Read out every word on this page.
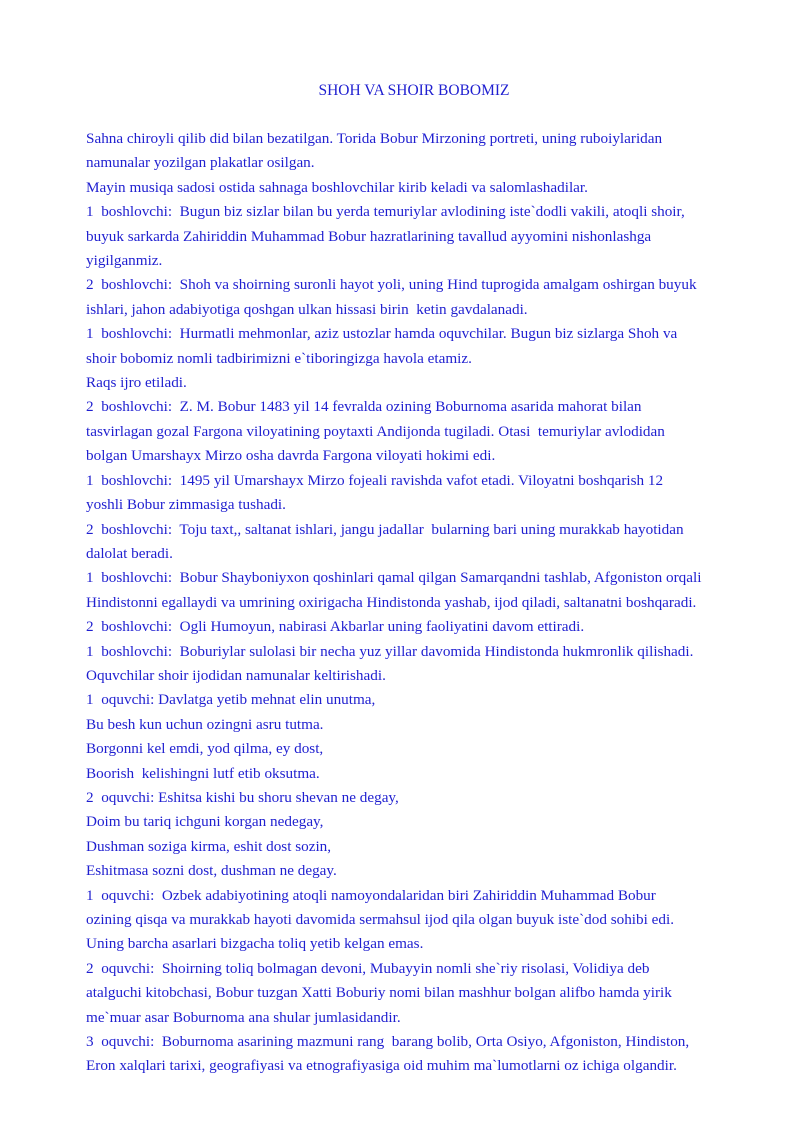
SHOH VA SHOIR BOBOMIZ

Sahna chiroyli qilib did bilan bezatilgan. Torida Bobur Mirzoning portreti, uning ruboiylaridan

namunalar yozilgan plakatlar osilgan.

Mayin musiqa sadosi ostida sahnaga boshlovchilar kirib keladi va salomlashadilar.

1  boshlovchi:  Bugun biz sizlar bilan bu yerda temuriylar avlodining iste`dodli vakili, atoqli shoir,

buyuk sarkarda Zahiriddin Muhammad Bobur hazratlarining tavallud ayyomini nishonlashga

yigilganmiz.

2  boshlovchi:  Shoh va shoirning suronli hayot yoli, uning Hind tuprogida amalgam oshirgan buyuk

ishlari, jahon adabiyotiga qoshgan ulkan hissasi birin  ketin gavdalanadi.

1  boshlovchi:  Hurmatli mehmonlar, aziz ustozlar hamda oquvchilar. Bugun biz sizlarga Shoh va

shoir bobomiz nomli tadbirimizni e`tiboringizga havola etamiz.

Raqs ijro etiladi.

2  boshlovchi:  Z. M. Bobur 1483 yil 14 fevralda ozining Boburnoma asarida mahorat bilan

tasvirlagan gozal Fargona viloyatining poytaxti Andijonda tugiladi. Otasi  temuriylar avlodidan

bolgan Umarshayx Mirzo osha davrda Fargona viloyati hokimi edi.

1  boshlovchi:  1495 yil Umarshayx Mirzo fojeali ravishda vafot etadi. Viloyatni boshqarish 12

yoshli Bobur zimmasiga tushadi.

2  boshlovchi:  Toju taxt,, saltanat ishlari, jangu jadallar  bularning bari uning murakkab hayotidan

dalolat beradi.

1  boshlovchi:  Bobur Shayboniyxon qoshinlari qamal qilgan Samarqandni tashlab, Afgoniston orqali

Hindistonni egallaydi va umrining oxirigacha Hindistonda yashab, ijod qiladi, saltanatni boshqaradi.

2  boshlovchi:  Ogli Humoyun, nabirasi Akbarlar uning faoliyatini davom ettiradi.

1  boshlovchi:  Boburiylar sulolasi bir necha yuz yillar davomida Hindistonda hukmronlik qilishadi.

Oquvchilar shoir ijodidan namunalar keltirishadi.

1  oquvchi: Davlatga yetib mehnat elin unutma,

Bu besh kun uchun ozingni asru tutma.

Borgonni kel emdi, yod qilma, ey dost,

Boorish  kelishingni lutf etib oksutma.

2  oquvchi: Eshitsa kishi bu shoru shevan ne degay,

Doim bu tariq ichguni korgan nedegay,

Dushman soziga kirma, eshit dost sozin,

Eshitmasa sozni dost, dushman ne degay.

1  oquvchi:  Ozbek adabiyotining atoqli namoyondalaridan biri Zahiriddin Muhammad Bobur

ozining qisqa va murakkab hayoti davomida sermahsul ijod qila olgan buyuk iste`dod sohibi edi.

Uning barcha asarlari bizgacha toliq yetib kelgan emas.

2  oquvchi:  Shoirning toliq bolmagan devoni, Mubayyin nomli she`riy risolasi, Volidiya deb

atalguchi kitobchasi, Bobur tuzgan Xatti Boburiy nomi bilan mashhur bolgan alifbo hamda yirik

me`muar asar Boburnoma ana shular jumlasidandir.

3  oquvchi:  Boburnoma asarining mazmuni rang  barang bolib, Orta Osiyo, Afgoniston, Hindiston,

Eron xalqlari tarixi, geografiyasi va etnografiyasiga oid muhim ma`lumotlarni oz ichiga olgandir.
